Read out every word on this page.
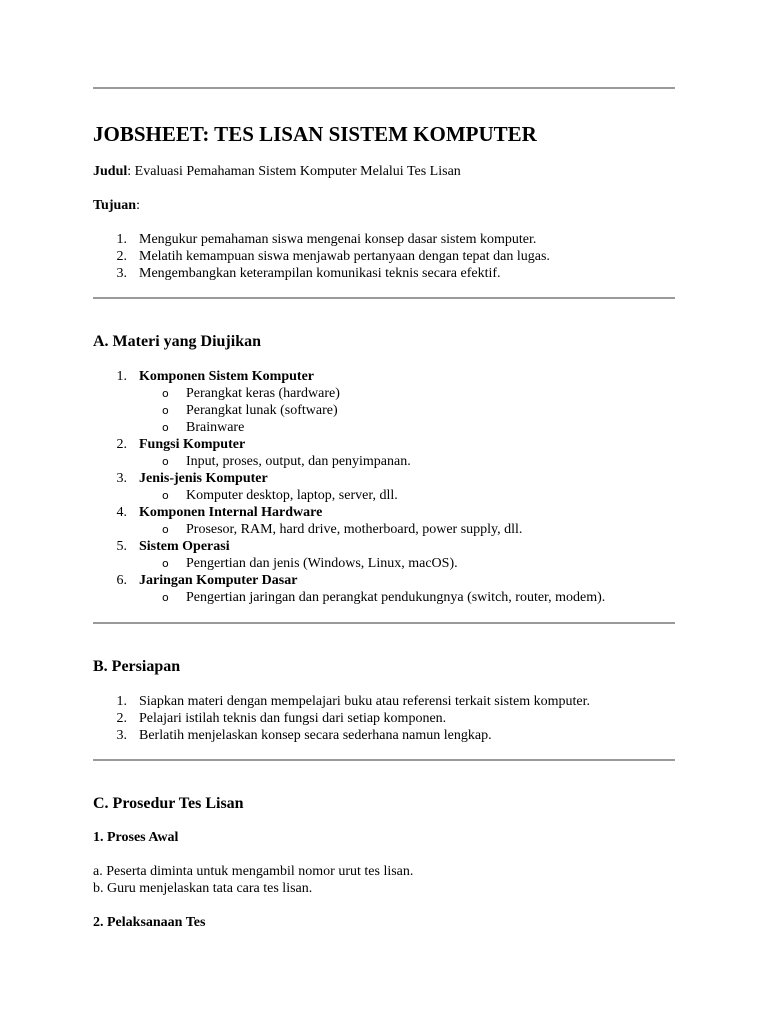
JOBSHEET: TES LISAN SISTEM KOMPUTER
Judul: Evaluasi Pemahaman Sistem Komputer Melalui Tes Lisan
Tujuan:
1. Mengukur pemahaman siswa mengenai konsep dasar sistem komputer.
2. Melatih kemampuan siswa menjawab pertanyaan dengan tepat dan lugas.
3. Mengembangkan keterampilan komunikasi teknis secara efektif.
A. Materi yang Diujikan
1. Komponen Sistem Komputer
o Perangkat keras (hardware)
o Perangkat lunak (software)
o Brainware
2. Fungsi Komputer
o Input, proses, output, dan penyimpanan.
3. Jenis-jenis Komputer
o Komputer desktop, laptop, server, dll.
4. Komponen Internal Hardware
o Prosesor, RAM, hard drive, motherboard, power supply, dll.
5. Sistem Operasi
o Pengertian dan jenis (Windows, Linux, macOS).
6. Jaringan Komputer Dasar
o Pengertian jaringan dan perangkat pendukungnya (switch, router, modem).
B. Persiapan
1. Siapkan materi dengan mempelajari buku atau referensi terkait sistem komputer.
2. Pelajari istilah teknis dan fungsi dari setiap komponen.
3. Berlatih menjelaskan konsep secara sederhana namun lengkap.
C. Prosedur Tes Lisan
1. Proses Awal
a. Peserta diminta untuk mengambil nomor urut tes lisan.
b. Guru menjelaskan tata cara tes lisan.
2. Pelaksanaan Tes
